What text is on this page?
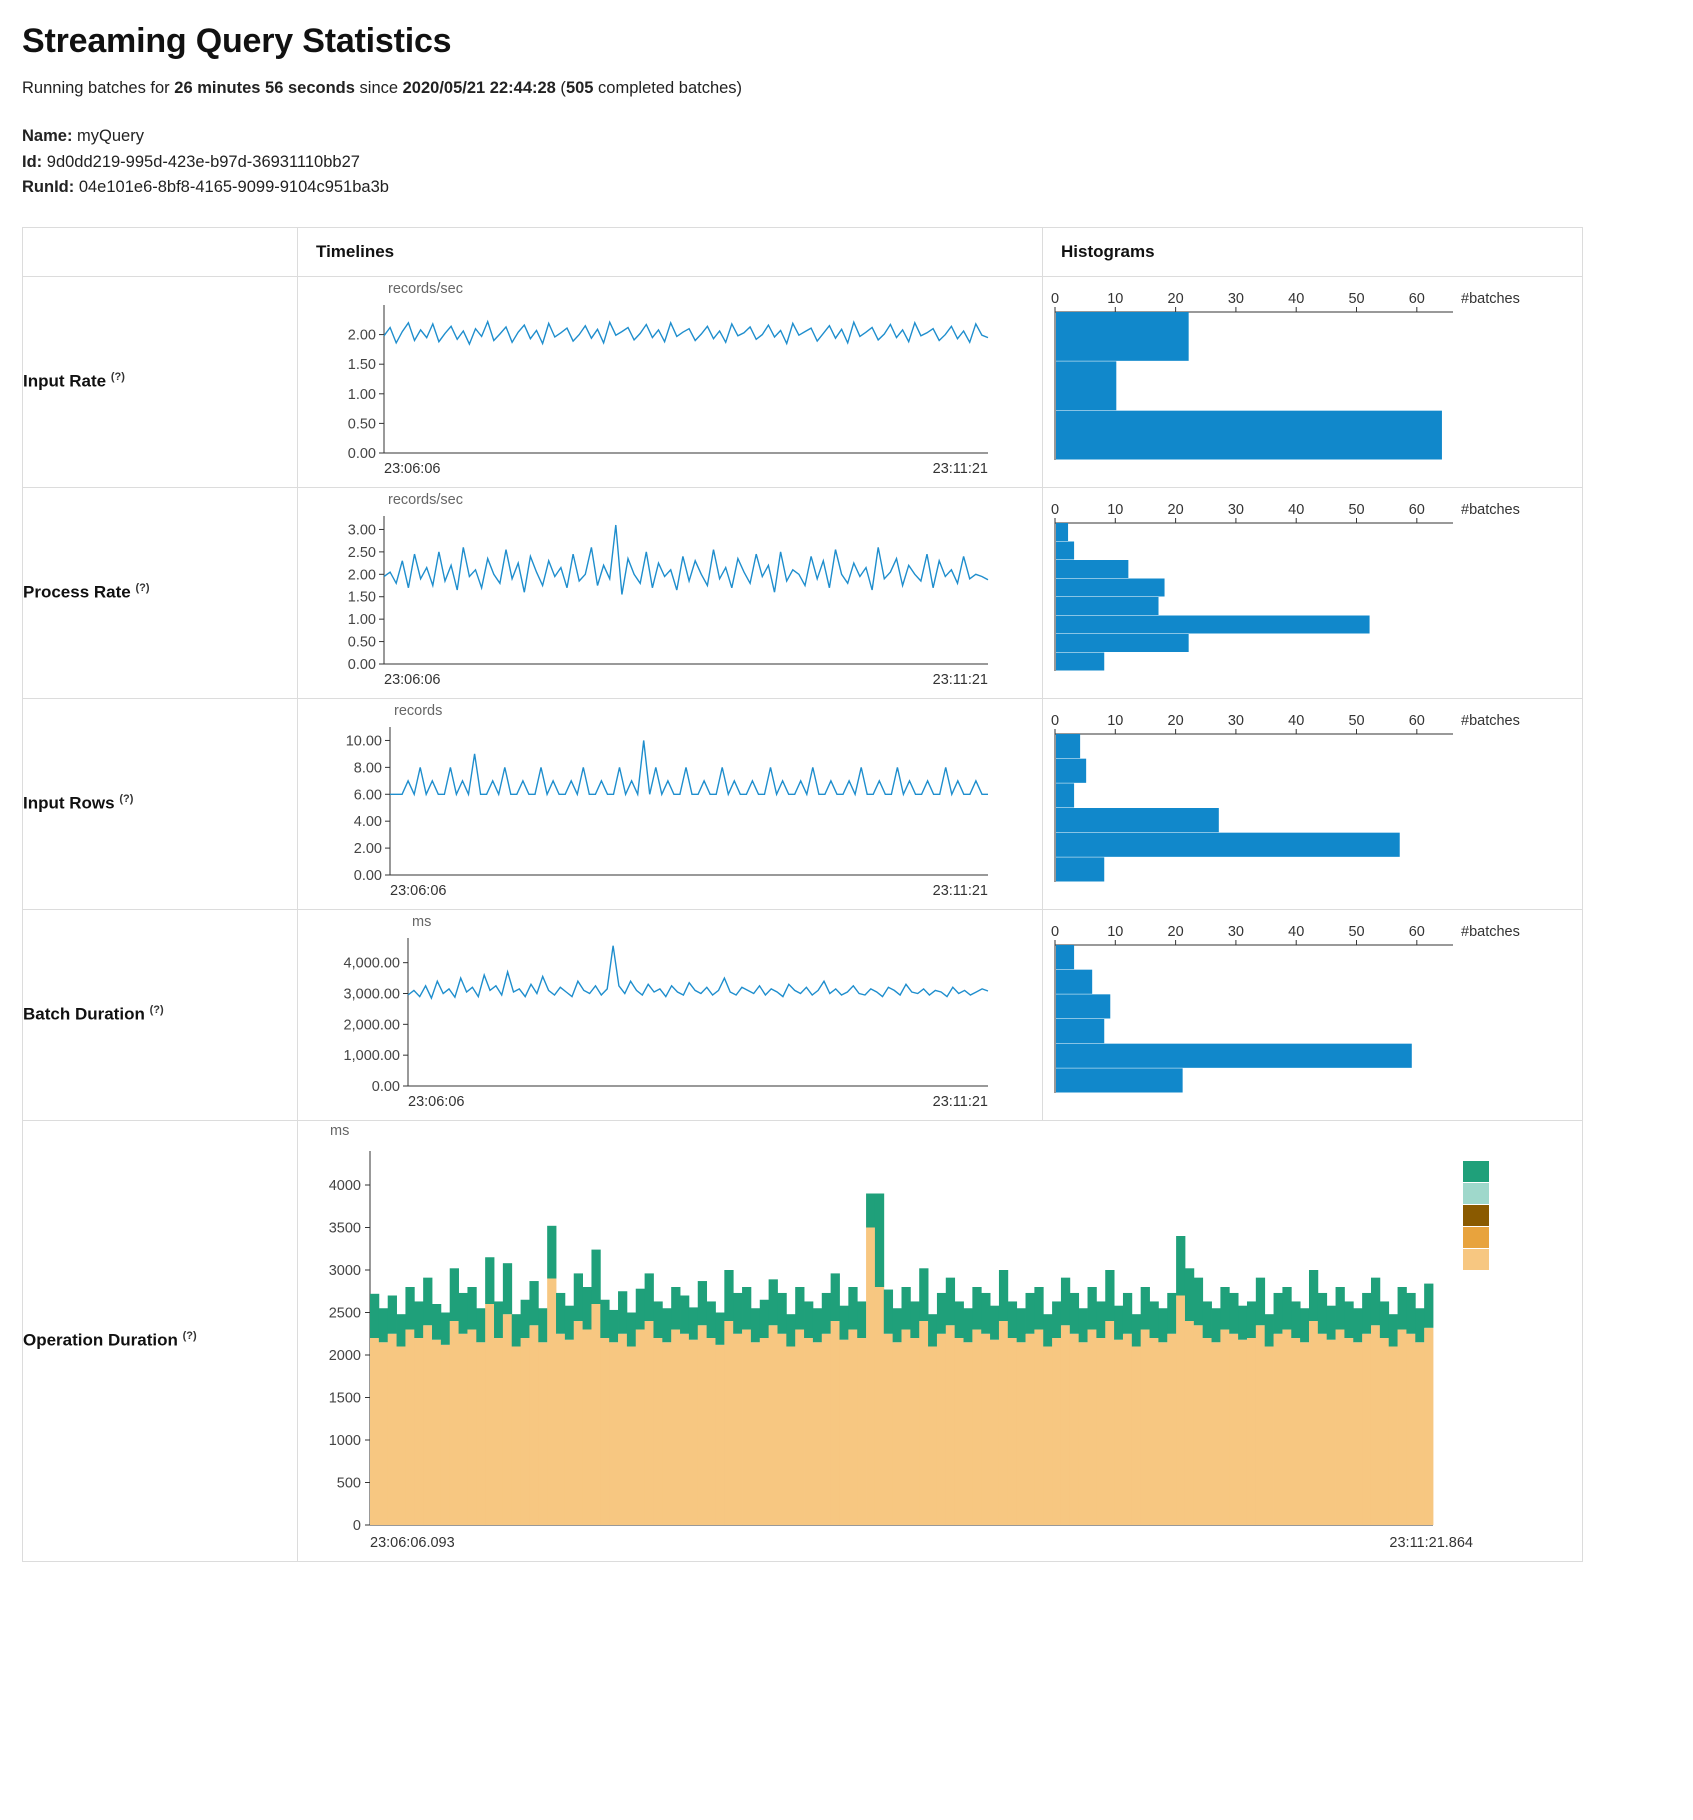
Streaming Query Statistics
Running batches for 26 minutes 56 seconds since 2020/05/21 22:44:28 (505 completed batches)
Name: myQuery
Id: 9d0dd219-995d-423e-b97d-36931110bb27
RunId: 04e101e6-8bf8-4165-9099-9104c951ba3b
	Timelines	Histograms
Input Rate (?)	
records/sec
0.00
0.50
1.00
1.50
2.00
23:06:06	23:11:21

0	10	20	30	40	50	60 #batches

Process Rate (?)	
records/sec
0.00
0.50
1.00
1.50
2.00
2.50
3.00
23:06:06	23:11:21

0	10	20	30	40	50	60 #batches

Input Rows (?)	
records
0.00
2.00
4.00
6.00
8.00
10.00
23:06:06	23:11:21

0	10	20	30	40	50	60 #batches

Batch Duration (?)	
ms
0.00
1,000.00
2,000.00
3,000.00
4,000.00
23:06:06	23:11:21

0	10	20	30	40	50	60 #batches

Operation Duration (?)	
ms
0
500
1000
1500
2000
2500
3000
3500
4000
23:06:06.093	23:11:21.864
